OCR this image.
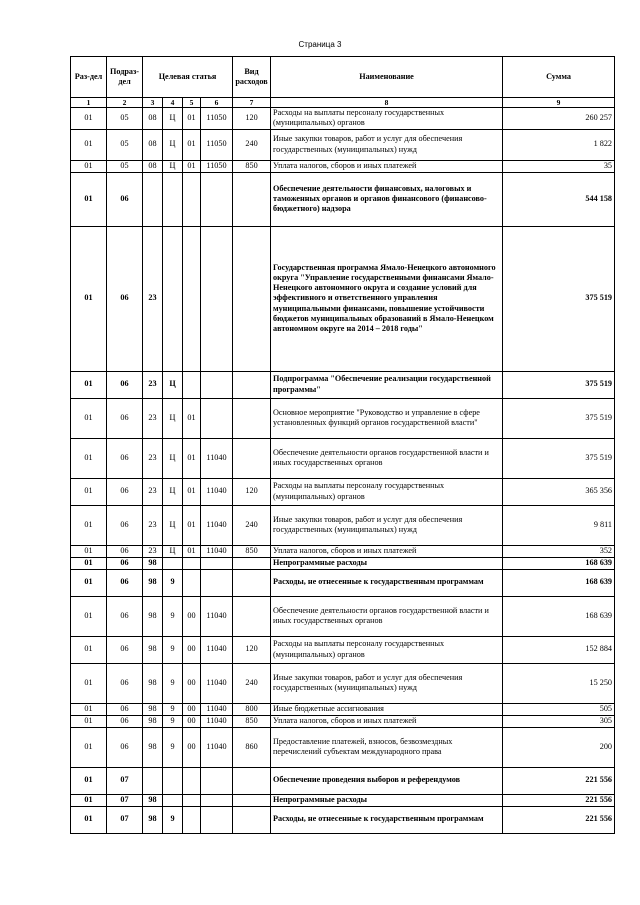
Страница 3
Раз-дел	Подраз-дел	Целевая статья				Вид расходов	Наименование	Сумма
1	2	3	4	5	6	7	8	9
01	05	08	Ц	01	11050	120	Расходы на выплаты персоналу государственных (муниципальных) органов	260 257
01	05	08	Ц	01	11050	240	Иные закупки товаров, работ и услуг для обеспечения государственных (муниципальных) нужд	1 822
01	05	08	Ц	01	11050	850	Уплата налогов, сборов и иных платежей	35
01	06						Обеспечение деятельности финансовых, налоговых и таможенных органов и органов финансового (финансово-бюджетного) надзора	544 158
01	06	23					Государственная программа Ямало-Ненецкого автономного округа "Управление государственными финансами Ямало-Ненецкого автономного округа и создание условий для эффективного и ответственного управления муниципальными финансами, повышение устойчивости бюджетов муниципальных образований в Ямало-Ненецком автономном округе на 2014 – 2018 годы"	375 519
01	06	23	Ц				Подпрограмма "Обеспечение реализации государственной программы"	375 519
01	06	23	Ц	01			Основное мероприятие "Руководство и управление в сфере установленных функций органов государственной власти"	375 519
01	06	23	Ц	01	11040		Обеспечение деятельности органов государственной власти и иных государственных органов	375 519
01	06	23	Ц	01	11040	120	Расходы на выплаты персоналу государственных (муниципальных) органов	365 356
01	06	23	Ц	01	11040	240	Иные закупки товаров, работ и услуг для обеспечения государственных (муниципальных) нужд	9 811
01	06	23	Ц	01	11040	850	Уплата налогов, сборов и иных платежей	352
01	06	98					Непрограммные расходы	168 639
01	06	98	9				Расходы, не отнесенные к государственным программам	168 639
01	06	98	9	00	11040		Обеспечение деятельности органов государственной власти и иных государственных органов	168 639
01	06	98	9	00	11040	120	Расходы на выплаты персоналу государственных (муниципальных) органов	152 884
01	06	98	9	00	11040	240	Иные закупки товаров, работ и услуг для обеспечения государственных (муниципальных) нужд	15 250
01	06	98	9	00	11040	800	Иные бюджетные ассигнования	505
01	06	98	9	00	11040	850	Уплата налогов, сборов и иных платежей	305
01	06	98	9	00	11040	860	Предоставление платежей, взносов, безвозмездных перечислений субъектам международного права	200
01	07						Обеспечение проведения выборов и референдумов	221 556
01	07	98					Непрограммные расходы	221 556
01	07	98	9				Расходы, не отнесенные к государственным программам	221 556
